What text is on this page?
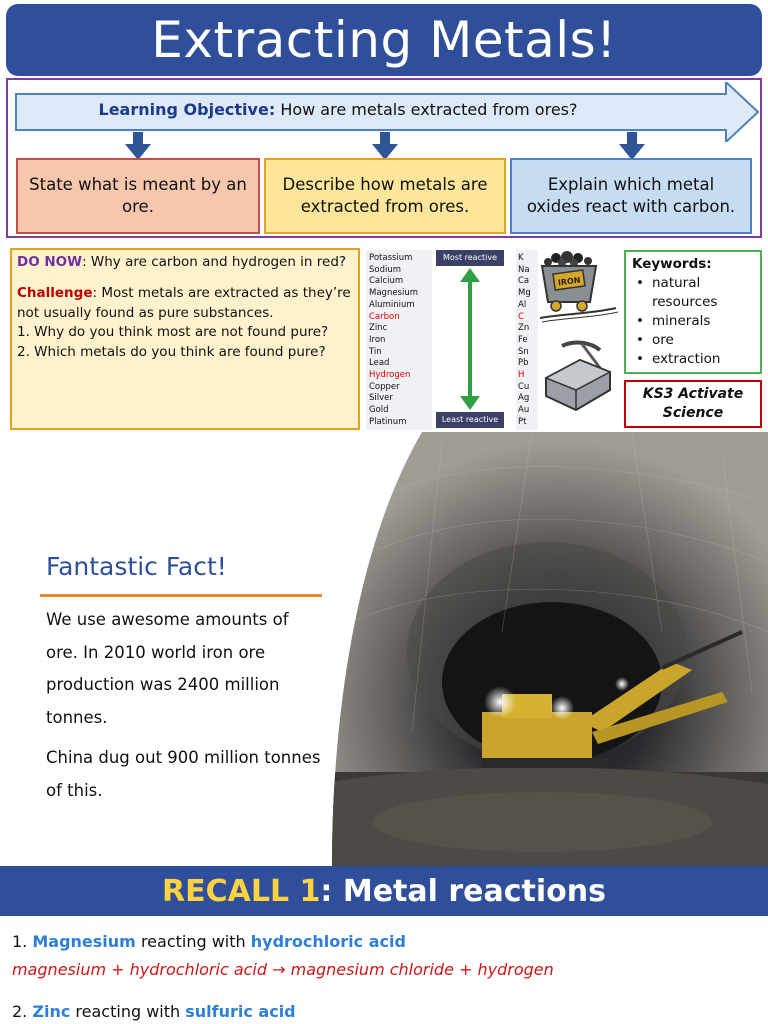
Extracting Metals!
Learning Objective: How are metals extracted from ores?
State what is meant by an ore.
Describe how metals are extracted from ores.
Explain which metal oxides react with carbon.
DO NOW: Why are carbon and hydrogen in red?
Challenge: Most metals are extracted as they’re not usually found as pure substances.
1. Why do you think most are not found pure?
2. Which metals do you think are found pure?
Potassium
Sodium
Calcium
Magnesium
Aluminium
Carbon
Zinc
Iron
Tin
Lead
Hydrogen
Copper
Silver
Gold
Platinum
Most reactive
Least reactive
K
Na
Ca
Mg
Al
C
Zn
Fe
Sn
Pb
H
Cu
Ag
Au
Pt
IRON
Keywords:
• natural resources
• minerals
• ore
• extraction
KS3 Activate Science
Fantastic Fact!

We use awesome amounts of ore. In 2010 world iron ore production was 2400 million tonnes.

China dug out 900 million tonnes of this.

RECALL 1 :
Metal reactions
1. Magnesium reacting with hydrochloric acid
magnesium + hydrochloric acid → magnesium chloride + hydrogen
2. Zinc reacting with sulfuric acid
